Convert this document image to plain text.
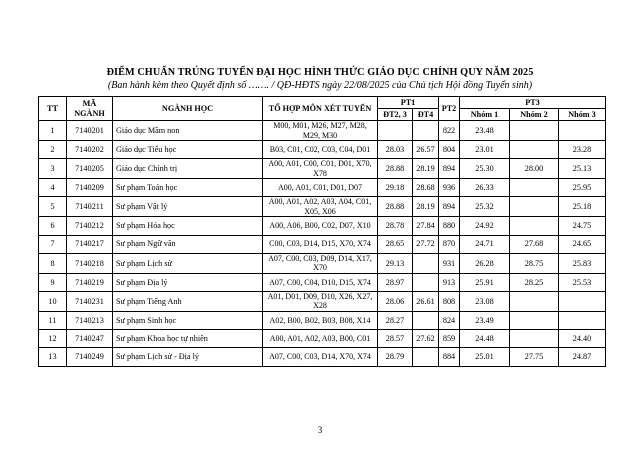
ĐIỂM CHUẨN TRÚNG TUYỂN ĐẠI HỌC HÌNH THỨC GIÁO DỤC CHÍNH QUY NĂM 2025
(Ban hành kèm theo Quyết định số ……. / QĐ-HĐTS ngày 22/08/2025 của Chủ tịch Hội đồng Tuyển sinh)
TT	MÃ NGÀNH	NGÀNH HỌC	TỔ HỢP MÔN XÉT TUYỂN	PT1		PT2	PT3		
				ĐT2, 3	ĐT4		Nhóm 1	Nhóm 2	Nhóm 3
1	7140201	Giáo dục Mầm non	M00, M01, M26, M27, M28, M29, M30			822	23.48		
2	7140202	Giáo dục Tiểu học	B03, C01, C02, C03, C04, D01	28.03	26.57	804	23.01		23.28
3	7140205	Giáo dục Chính trị	A00, A01, C00, C01, D01, X70, X78	28.88	28.19	894	25.30	28.00	25.13
4	7140209	Sư phạm Toán học	A00, A01, C01, D01, D07	29.18	28.68	936	26.33		25.95
5	7140211	Sư phạm Vật lý	A00, A01, A02, A03, A04, C01, X05, X06	28.88	28.19	894	25.32		25.18
6	7140212	Sư phạm Hóa học	A00, A06, B00, C02, D07, X10	28.78	27.84	880	24.92		24.75
7	7140217	Sư phạm Ngữ văn	C00, C03, D14, D15, X70, X74	28.65	27.72	870	24.71	27.68	24.65
8	7140218	Sư phạm Lịch sử	A07, C00, C03, D09, D14, X17, X70	29.13		931	26.28	28.75	25.83
9	7140219	Sư phạm Địa lý	A07, C00, C04, D10, D15, X74	28.97		913	25.91	28.25	25.53
10	7140231	Sư phạm Tiếng Anh	A01, D01, D09, D10, X26, X27, X28	28.06	26.61	808	23.08		
11	7140213	Sư phạm Sinh học	A02, B00, B02, B03, B08, X14	28.27		824	23.49		
12	7140247	Sư phạm Khoa học tự nhiên	A00, A01, A02, A03, B00, C01	28.57	27.62	859	24.48		24.40
13	7140249	Sư phạm Lịch sử - Địa lý	A07, C00, C03, D14, X70, X74	28.79		884	25.01	27.75	24.87
3
